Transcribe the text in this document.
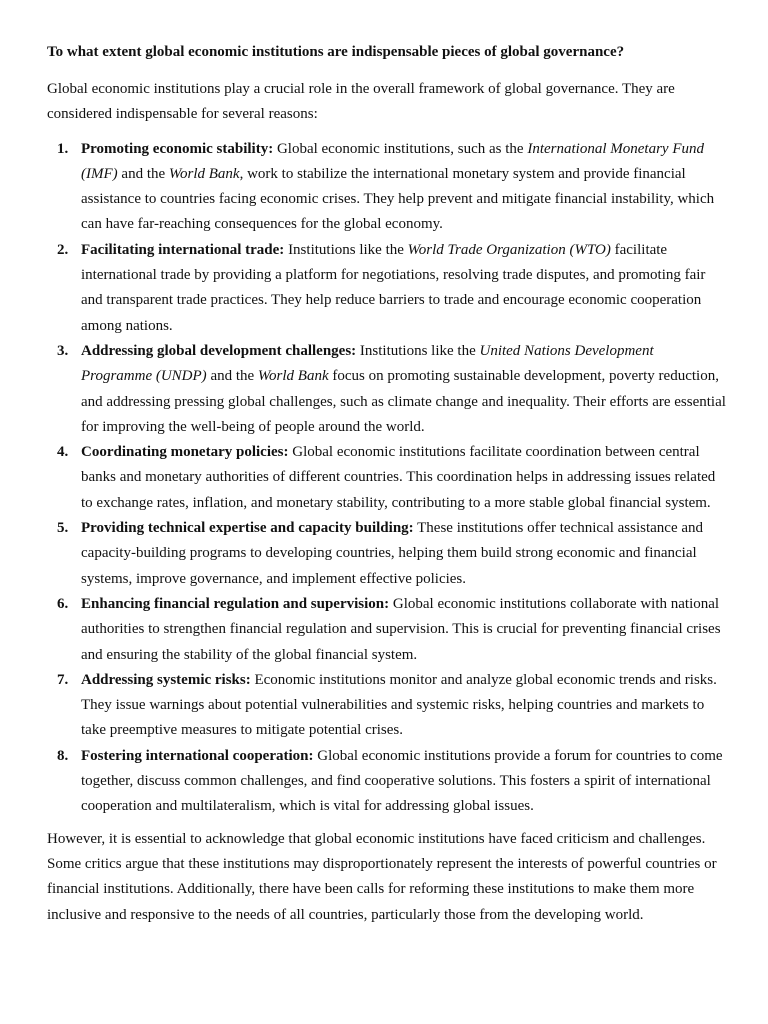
To what extent global economic institutions are indispensable pieces of global governance?

Global economic institutions play a crucial role in the overall framework of global governance. They are considered indispensable for several reasons:

1. Promoting economic stability: Global economic institutions, such as the International Monetary Fund (IMF) and the World Bank, work to stabilize the international monetary system and provide financial assistance to countries facing economic crises. They help prevent and mitigate financial instability, which can have far-reaching consequences for the global economy.
2. Facilitating international trade: Institutions like the World Trade Organization (WTO) facilitate international trade by providing a platform for negotiations, resolving trade disputes, and promoting fair and transparent trade practices. They help reduce barriers to trade and encourage economic cooperation among nations.
3. Addressing global development challenges: Institutions like the United Nations Development Programme (UNDP) and the World Bank focus on promoting sustainable development, poverty reduction, and addressing pressing global challenges, such as climate change and inequality. Their efforts are essential for improving the well-being of people around the world.
4. Coordinating monetary policies: Global economic institutions facilitate coordination between central banks and monetary authorities of different countries. This coordination helps in addressing issues related to exchange rates, inflation, and monetary stability, contributing to a more stable global financial system.
5. Providing technical expertise and capacity building: These institutions offer technical assistance and capacity-building programs to developing countries, helping them build strong economic and financial systems, improve governance, and implement effective policies.
6. Enhancing financial regulation and supervision: Global economic institutions collaborate with national authorities to strengthen financial regulation and supervision. This is crucial for preventing financial crises and ensuring the stability of the global financial system.
7. Addressing systemic risks: Economic institutions monitor and analyze global economic trends and risks. They issue warnings about potential vulnerabilities and systemic risks, helping countries and markets to take preemptive measures to mitigate potential crises.
8. Fostering international cooperation: Global economic institutions provide a forum for countries to come together, discuss common challenges, and find cooperative solutions. This fosters a spirit of international cooperation and multilateralism, which is vital for addressing global issues.

However, it is essential to acknowledge that global economic institutions have faced criticism and challenges. Some critics argue that these institutions may disproportionately represent the interests of powerful countries or financial institutions. Additionally, there have been calls for reforming these institutions to make them more inclusive and responsive to the needs of all countries, particularly those from the developing world.
